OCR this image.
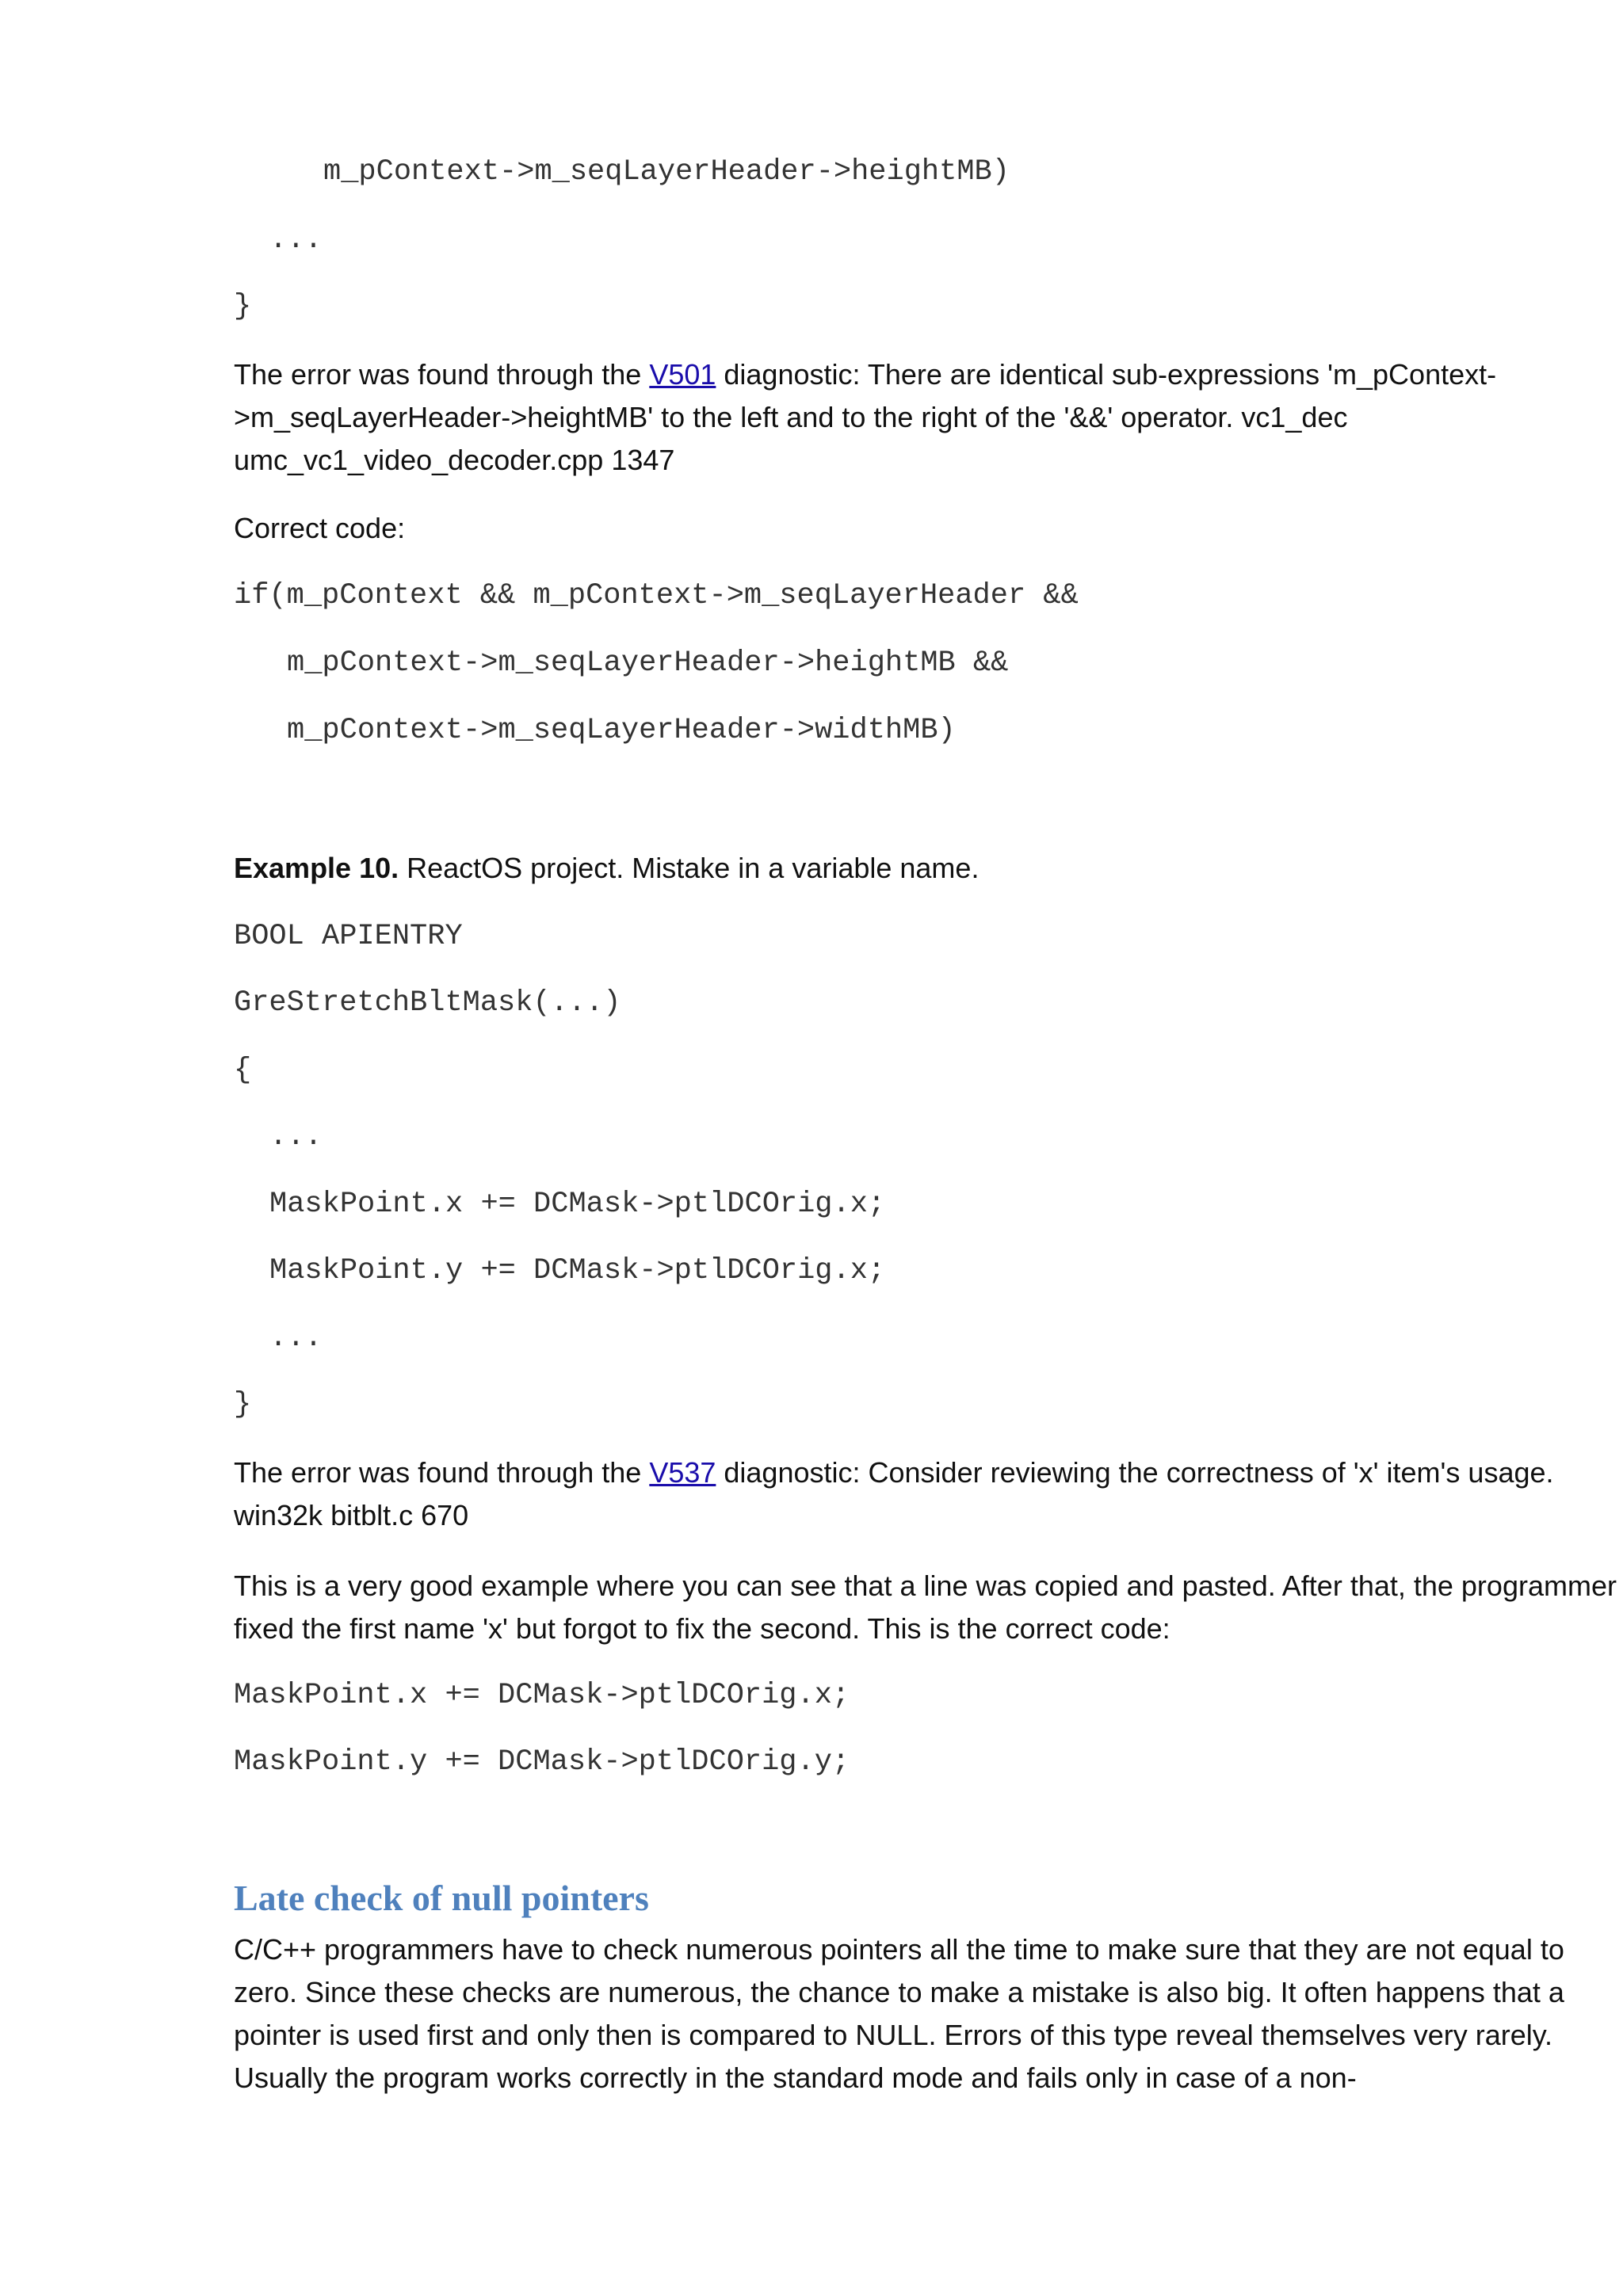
m_pContext->m_seqLayerHeader->heightMB)
...
}

The error was found through the V501 diagnostic: There are identical sub-expressions 'm_pContext->m_seqLayerHeader->heightMB' to the left and to the right of the '&&' operator. vc1_dec umc_vc1_video_decoder.cpp 1347

Correct code:

if(m_pContext && m_pContext->m_seqLayerHeader &&
m_pContext->m_seqLayerHeader->heightMB &&
m_pContext->m_seqLayerHeader->widthMB)

Example 10. ReactOS project. Mistake in a variable name.

BOOL APIENTRY
GreStretchBltMask(...)
{
...
MaskPoint.x += DCMask->ptlDCOrig.x;
MaskPoint.y += DCMask->ptlDCOrig.x;
...
}

The error was found through the V537 diagnostic: Consider reviewing the correctness of 'x' item's usage. win32k bitblt.c 670

This is a very good example where you can see that a line was copied and pasted. After that, the programmer fixed the first name 'x' but forgot to fix the second. This is the correct code:

MaskPoint.x += DCMask->ptlDCOrig.x;
MaskPoint.y += DCMask->ptlDCOrig.y;
Late check of null pointers

C/C++ programmers have to check numerous pointers all the time to make sure that they are not equal to zero. Since these checks are numerous, the chance to make a mistake is also big. It often happens that a pointer is used first and only then is compared to NULL. Errors of this type reveal themselves very rarely. Usually the program works correctly in the standard mode and fails only in case of a non-
